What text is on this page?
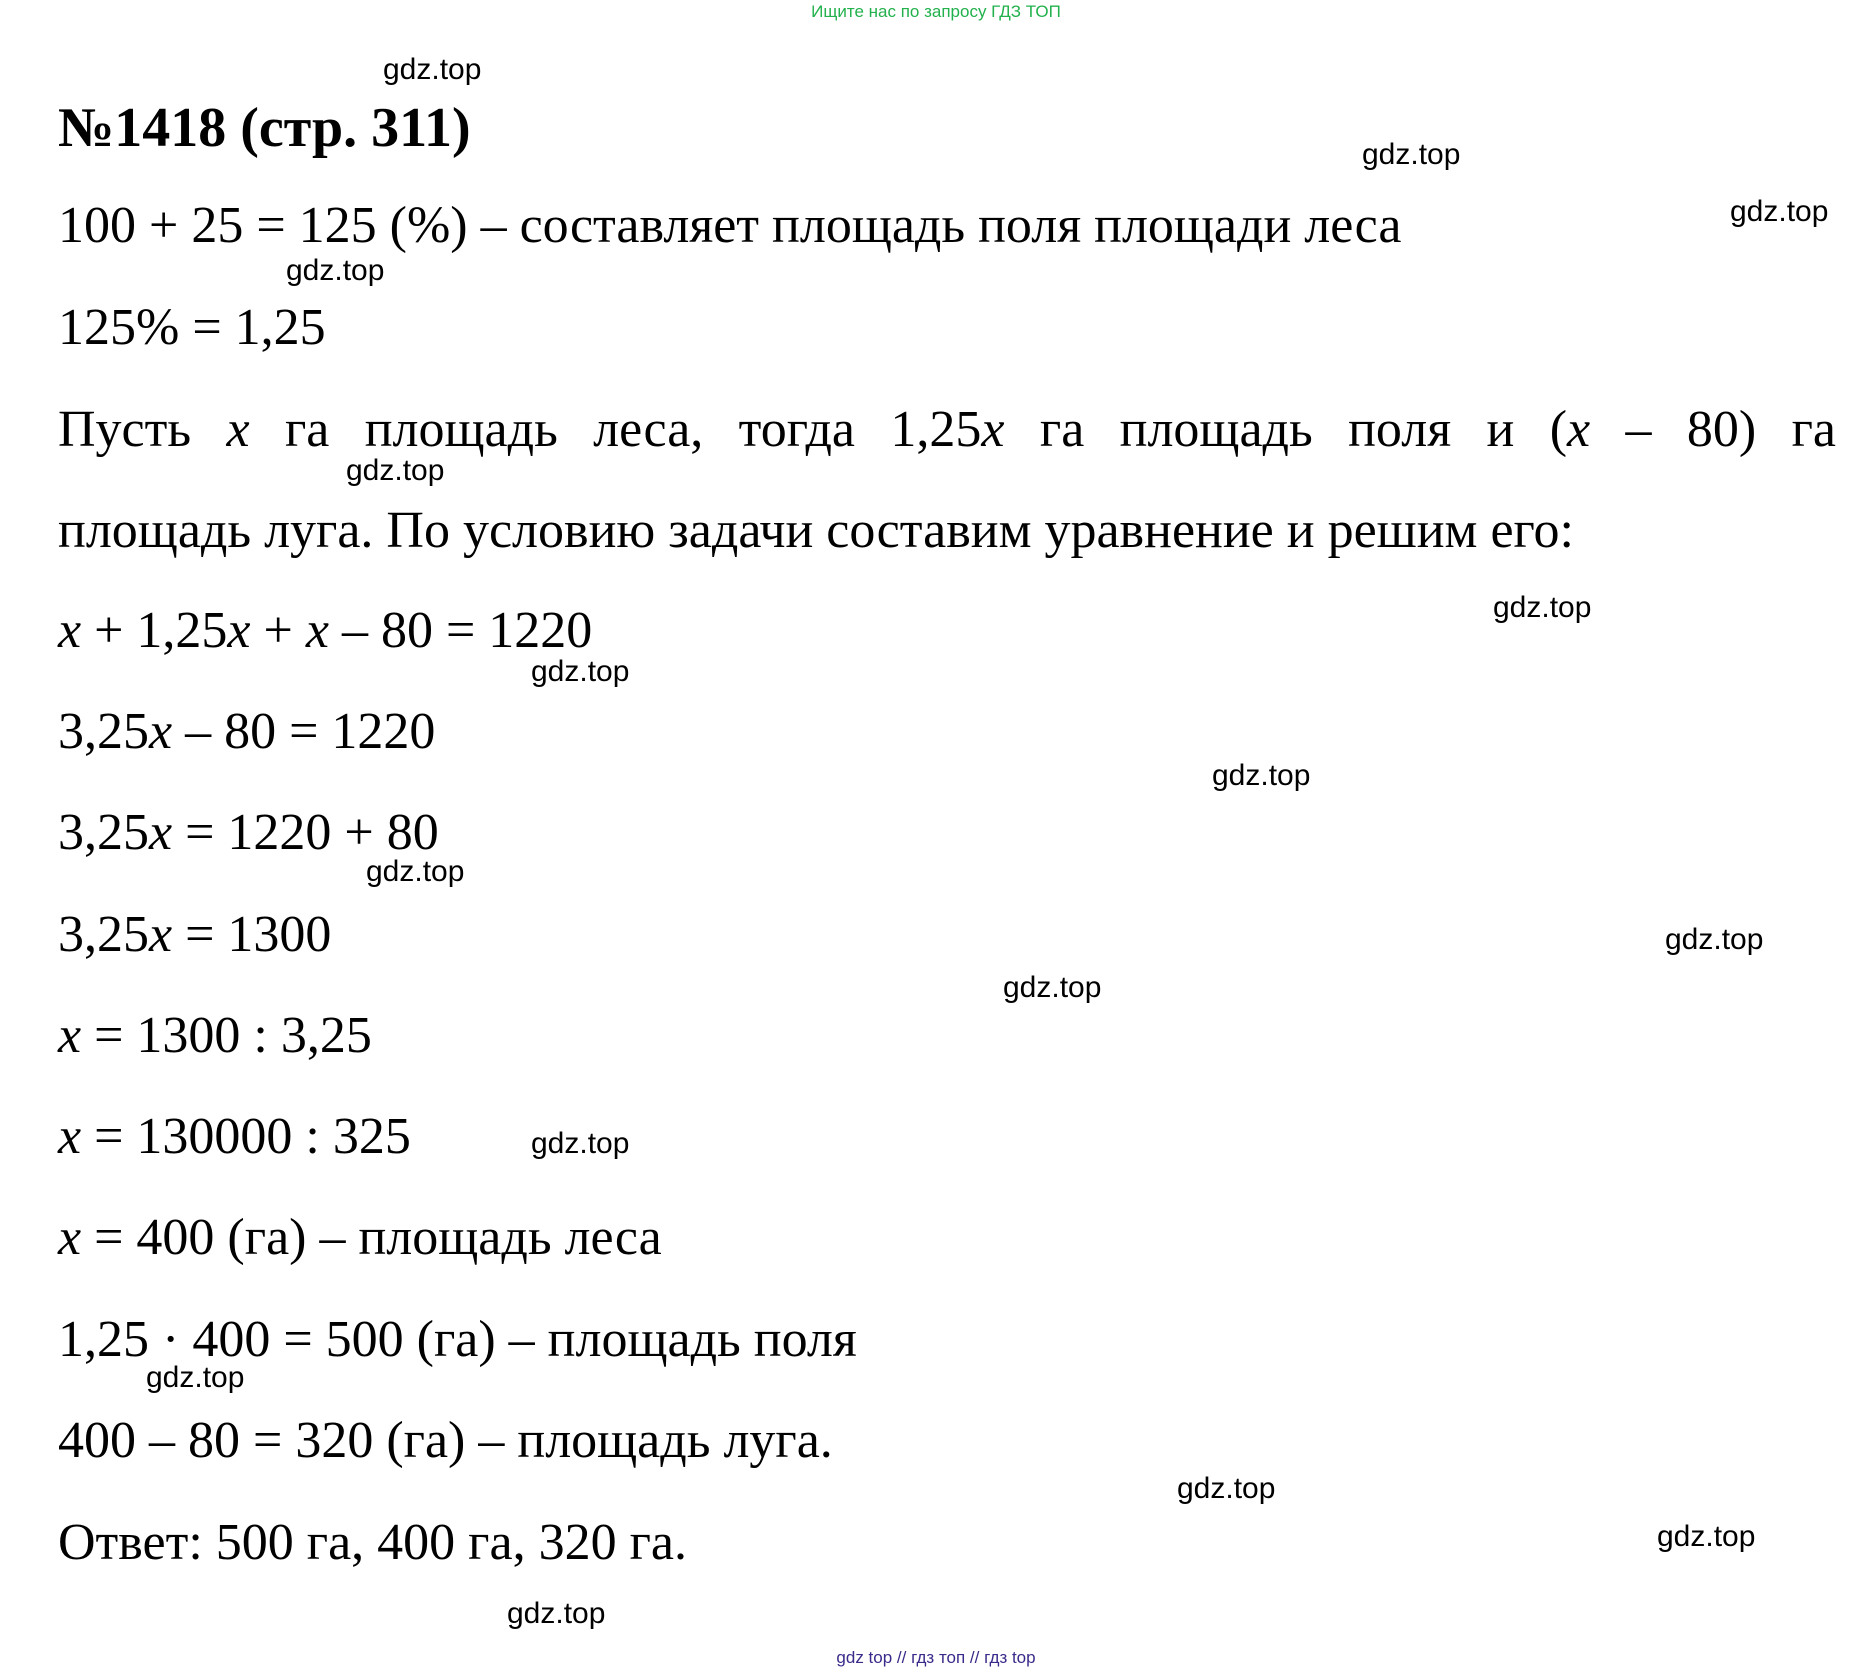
Ищите нас по запросу ГДЗ ТОП
№1418 (стр. 311)
100 + 25 = 125 (%) – составляет площадь поля площади леса
125% = 1,25
Пусть x га площадь леса, тогда 1,25x га площадь поля и (x – 80) га
площадь луга. По условию задачи составим уравнение и решим его:
x + 1,25x + x – 80 = 1220
3,25x – 80 = 1220
3,25x = 1220 + 80
3,25x = 1300
x = 1300 : 3,25
x = 130000 : 325
x = 400 (га) – площадь леса
1,25 · 400 = 500 (га) – площадь поля
400 – 80 = 320 (га) – площадь луга.
Ответ: 500 га, 400 га, 320 га.
gdz.top
gdz.top
gdz.top
gdz.top
gdz.top
gdz.top
gdz.top
gdz.top
gdz.top
gdz.top
gdz.top
gdz.top
gdz.top
gdz.top
gdz.top
gdz.top
gdz top // гдз топ // гдз top
